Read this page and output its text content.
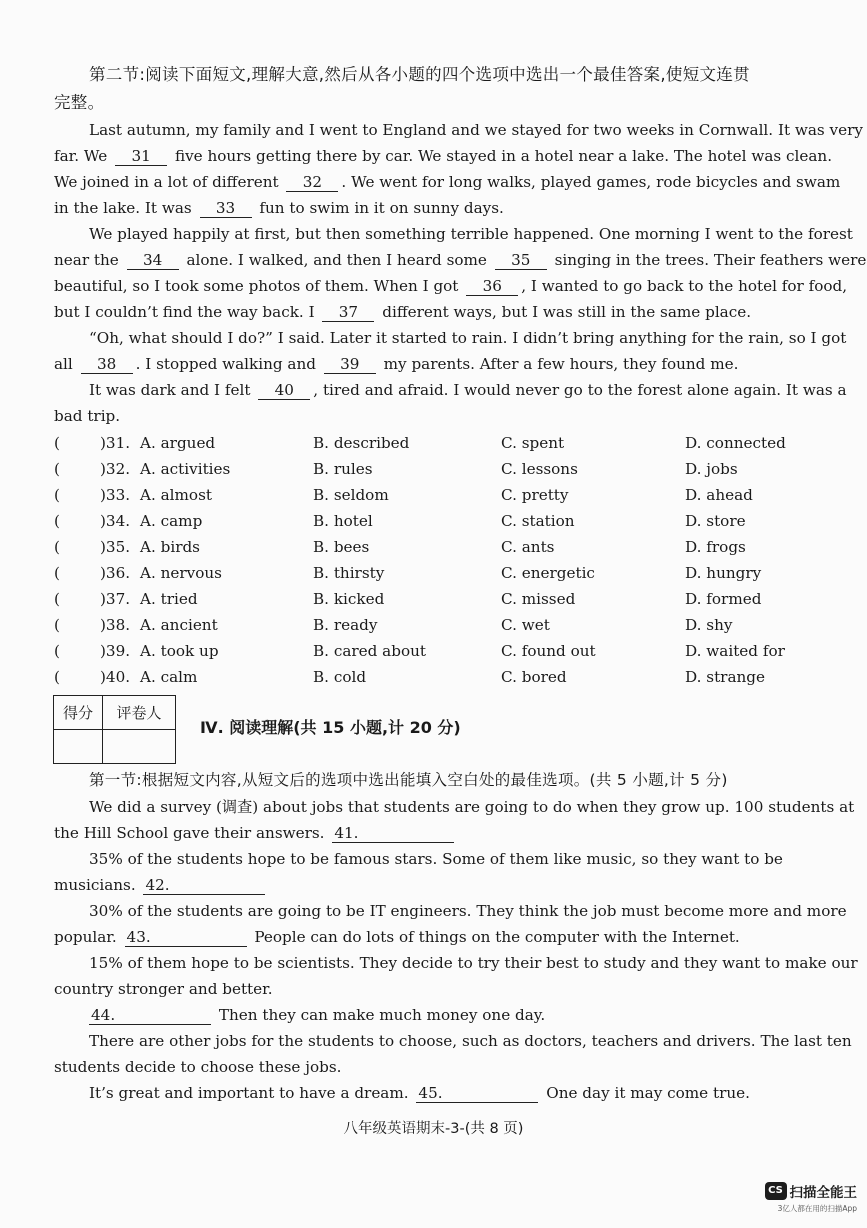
第二节:阅读下面短文,理解大意,然后从各小题的四个选项中选出一个最佳答案,使短文连贯
完整。
Last autumn, my family and I went to England and we stayed for two weeks in Cornwall. It was very
far. We 31 five hours getting there by car. We stayed in a hotel near a lake. The hotel was clean.
We joined in a lot of different 32 . We went for long walks, played games, rode bicycles and swam
in the lake. It was 33 fun to swim in it on sunny days.
We played happily at first, but then something terrible happened. One morning I went to the forest
near the 34 alone. I walked, and then I heard some 35 singing in the trees. Their feathers were
beautiful, so I took some photos of them. When I got 36 , I wanted to go back to the hotel for food,
but I couldn’t find the way back. I 37 different ways, but I was still in the same place.
“Oh, what should I do?” I said. Later it started to rain. I didn’t bring anything for the rain, so I got
all 38 . I stopped walking and 39 my parents. After a few hours, they found me.
It was dark and I felt 40 , tired and afraid. I would never go to the forest alone again. It was a
bad trip.
(	)31. A. argued	B. described	C. spent	D. connected
(	)32. A. activities	B. rules	C. lessons	D. jobs
(	)33. A. almost	B. seldom	C. pretty	D. ahead
(	)34. A. camp	B. hotel	C. station	D. store
(	)35. A. birds	B. bees	C. ants	D. frogs
(	)36. A. nervous	B. thirsty	C. energetic	D. hungry
(	)37. A. tried	B. kicked	C. missed	D. formed
(	)38. A. ancient	B. ready	C. wet	D. shy
(	)39. A. took up	B. cared about	C. found out	D. waited for
(	)40. A. calm	B. cold	C. bored	D. strange
得分	评卷人

Ⅳ. 阅读理解(共 15 小题,计 20 分)
第一节:根据短文内容,从短文后的选项中选出能填入空白处的最佳选项。(共 5 小题,计 5 分)
We did a survey (调查) about jobs that students are going to do when they grow up. 100 students at
the Hill School gave their answers. 41.
35% of the students hope to be famous stars. Some of them like music, so they want to be
musicians. 42.
30% of the students are going to be IT engineers. They think the job must become more and more
popular. 43.	People can do lots of things on the computer with the Internet.
15% of them hope to be scientists. They decide to try their best to study and they want to make our
country stronger and better.
44.	Then they can make much money one day.
There are other jobs for the students to choose, such as doctors, teachers and drivers. The last ten
students decide to choose these jobs.
It’s great and important to have a dream. 45.	One day it may come true.
八年级英语期末-3-(共 8 页)
CS 扫描全能王
3亿人都在用的扫描App
